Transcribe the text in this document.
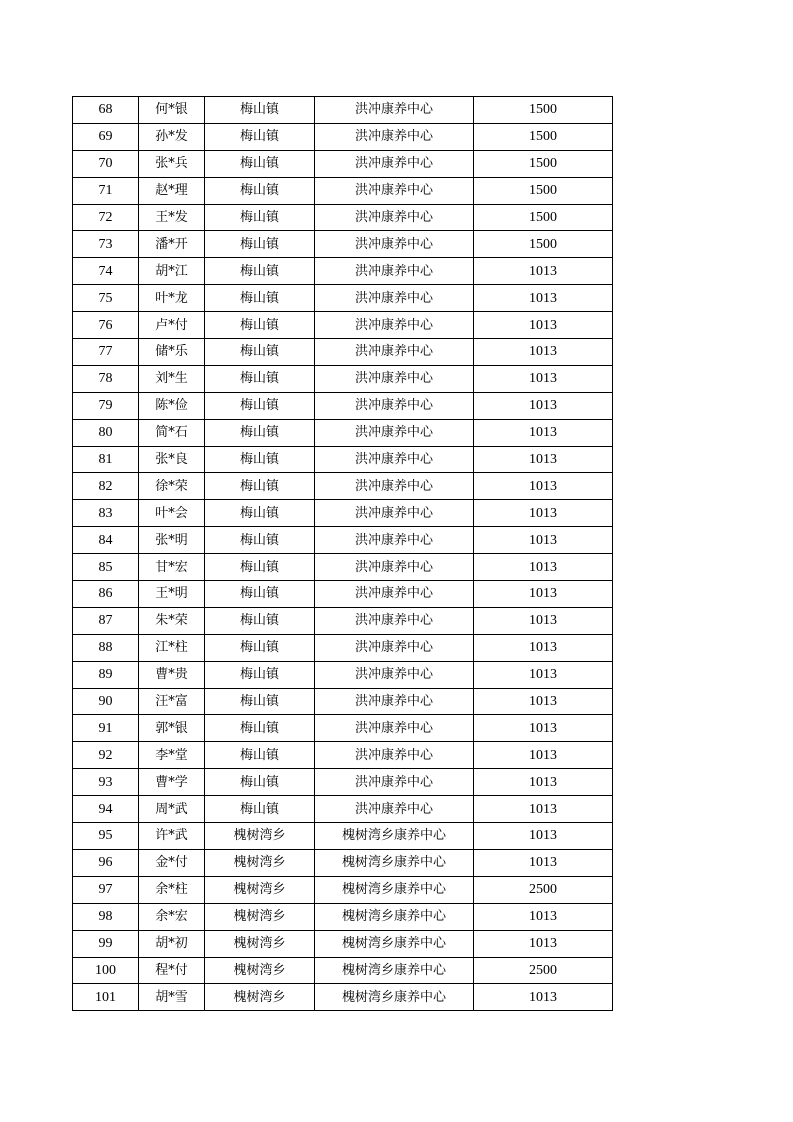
68	何*银	梅山镇	洪冲康养中心	1500
69	孙*发	梅山镇	洪冲康养中心	1500
70	张*兵	梅山镇	洪冲康养中心	1500
71	赵*理	梅山镇	洪冲康养中心	1500
72	王*发	梅山镇	洪冲康养中心	1500
73	潘*开	梅山镇	洪冲康养中心	1500
74	胡*江	梅山镇	洪冲康养中心	1013
75	叶*龙	梅山镇	洪冲康养中心	1013
76	卢*付	梅山镇	洪冲康养中心	1013
77	储*乐	梅山镇	洪冲康养中心	1013
78	刘*生	梅山镇	洪冲康养中心	1013
79	陈*俭	梅山镇	洪冲康养中心	1013
80	简*石	梅山镇	洪冲康养中心	1013
81	张*良	梅山镇	洪冲康养中心	1013
82	徐*荣	梅山镇	洪冲康养中心	1013
83	叶*会	梅山镇	洪冲康养中心	1013
84	张*明	梅山镇	洪冲康养中心	1013
85	甘*宏	梅山镇	洪冲康养中心	1013
86	王*明	梅山镇	洪冲康养中心	1013
87	朱*荣	梅山镇	洪冲康养中心	1013
88	江*柱	梅山镇	洪冲康养中心	1013
89	曹*贵	梅山镇	洪冲康养中心	1013
90	汪*富	梅山镇	洪冲康养中心	1013
91	郭*银	梅山镇	洪冲康养中心	1013
92	李*堂	梅山镇	洪冲康养中心	1013
93	曹*学	梅山镇	洪冲康养中心	1013
94	周*武	梅山镇	洪冲康养中心	1013
95	许*武	槐树湾乡	槐树湾乡康养中心	1013
96	金*付	槐树湾乡	槐树湾乡康养中心	1013
97	余*柱	槐树湾乡	槐树湾乡康养中心	2500
98	余*宏	槐树湾乡	槐树湾乡康养中心	1013
99	胡*初	槐树湾乡	槐树湾乡康养中心	1013
100	程*付	槐树湾乡	槐树湾乡康养中心	2500
101	胡*雪	槐树湾乡	槐树湾乡康养中心	1013
